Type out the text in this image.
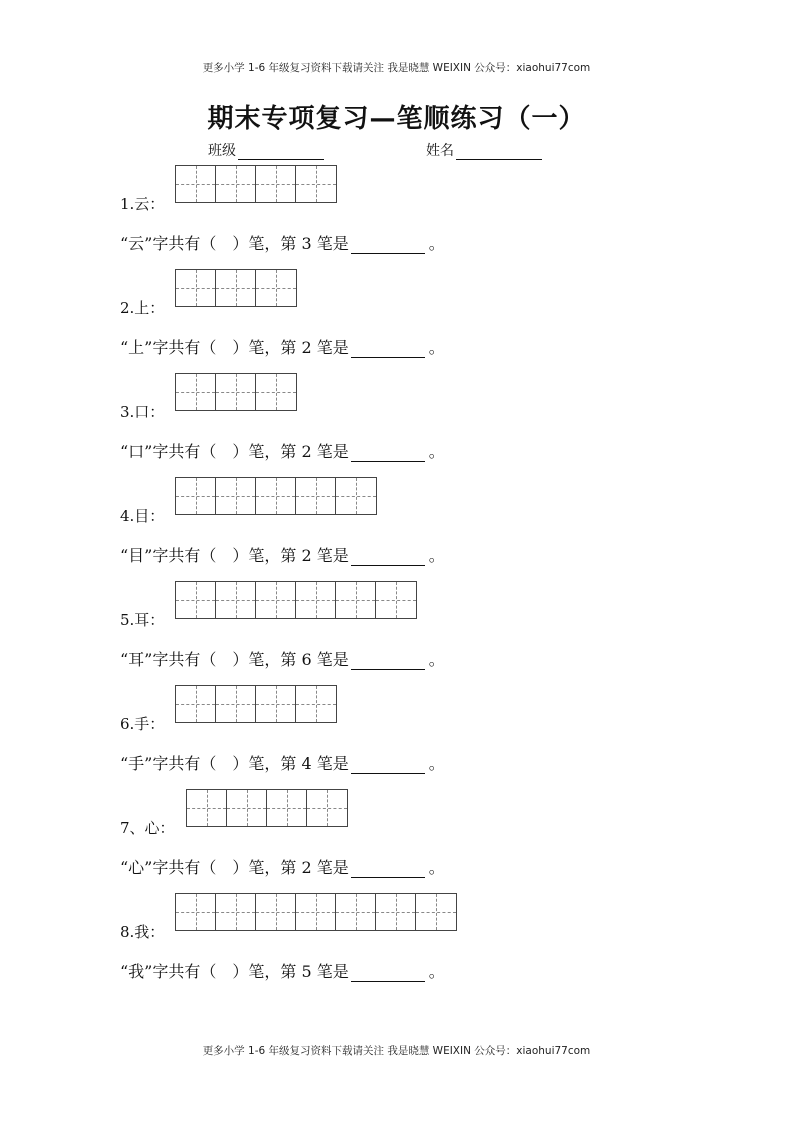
更多小学 1-6 年级复习资料下载请关注 我是晓慧 WEIXIN 公众号：xiaohui77com
期末专项复习—笔顺练习（一）
班级	姓名
1.云：
“云”字共有（　）笔，第 3 笔是	。
2.上：
“上”字共有（　）笔，第 2 笔是	。
3.口：
“口”字共有（　）笔，第 2 笔是	。
4.目：
“目”字共有（　）笔，第 2 笔是	。
5.耳：
“耳”字共有（　）笔，第 6 笔是	。
6.手：
“手”字共有（　）笔，第 4 笔是	。
7、心：
“心”字共有（　）笔，第 2 笔是	。
8.我：
“我”字共有（　）笔，第 5 笔是	。
更多小学 1-6 年级复习资料下载请关注 我是晓慧 WEIXIN 公众号：xiaohui77com
